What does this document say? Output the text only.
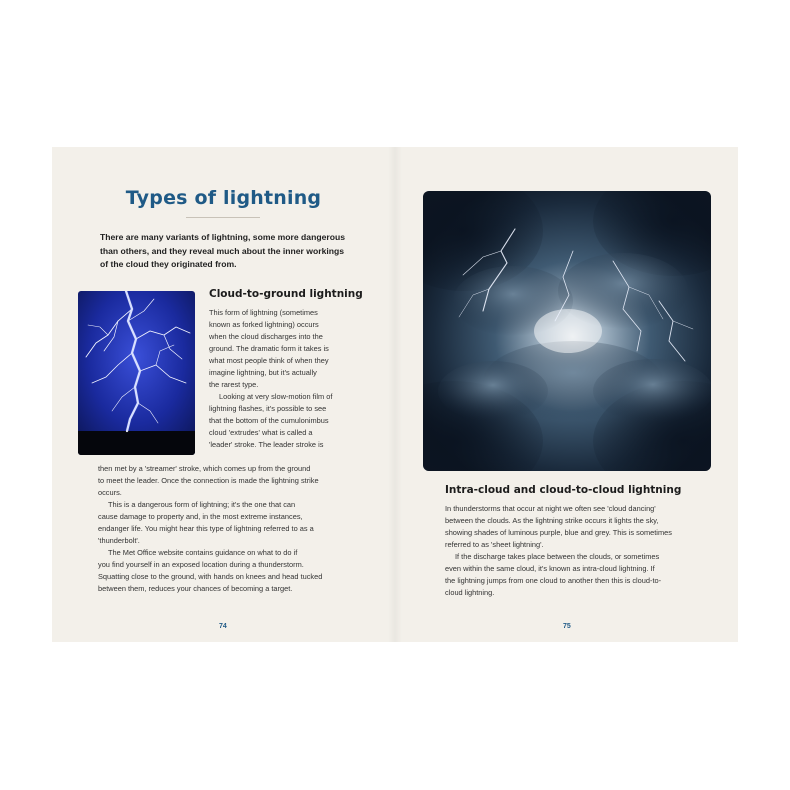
Types of lightning
There are many variants of lightning, some more dangerous than others, and they reveal much about the inner workings of the cloud they originated from.
Cloud-to-ground lightning

This form of lightning (sometimes

known as forked lightning) occurs

when the cloud discharges into the

ground. The dramatic form it takes is

what most people think of when they

imagine lightning, but it's actually

the rarest type.

Looking at very slow-motion film of

lightning flashes, it's possible to see

that the bottom of the cumulonimbus

cloud 'extrudes' what is called a

'leader' stroke. The leader stroke is

then met by a 'streamer' stroke, which comes up from the ground

to meet the leader. Once the connection is made the lightning strike

occurs.

This is a dangerous form of lightning; it's the one that can

cause damage to property and, in the most extreme instances,

endanger life. You might hear this type of lightning referred to as a

'thunderbolt'.

The Met Office website contains guidance on what to do if

you find yourself in an exposed location during a thunderstorm.

Squatting close to the ground, with hands on knees and head tucked

between them, reduces your chances of becoming a target.

74
Intra-cloud and cloud-to-cloud lightning

In thunderstorms that occur at night we often see 'cloud dancing'

between the clouds. As the lightning strike occurs it lights the sky,

showing shades of luminous purple, blue and grey. This is sometimes

referred to as 'sheet lightning'.

If the discharge takes place between the clouds, or sometimes

even within the same cloud, it's known as intra-cloud lightning. If

the lightning jumps from one cloud to another then this is cloud-to-

cloud lightning.

75
